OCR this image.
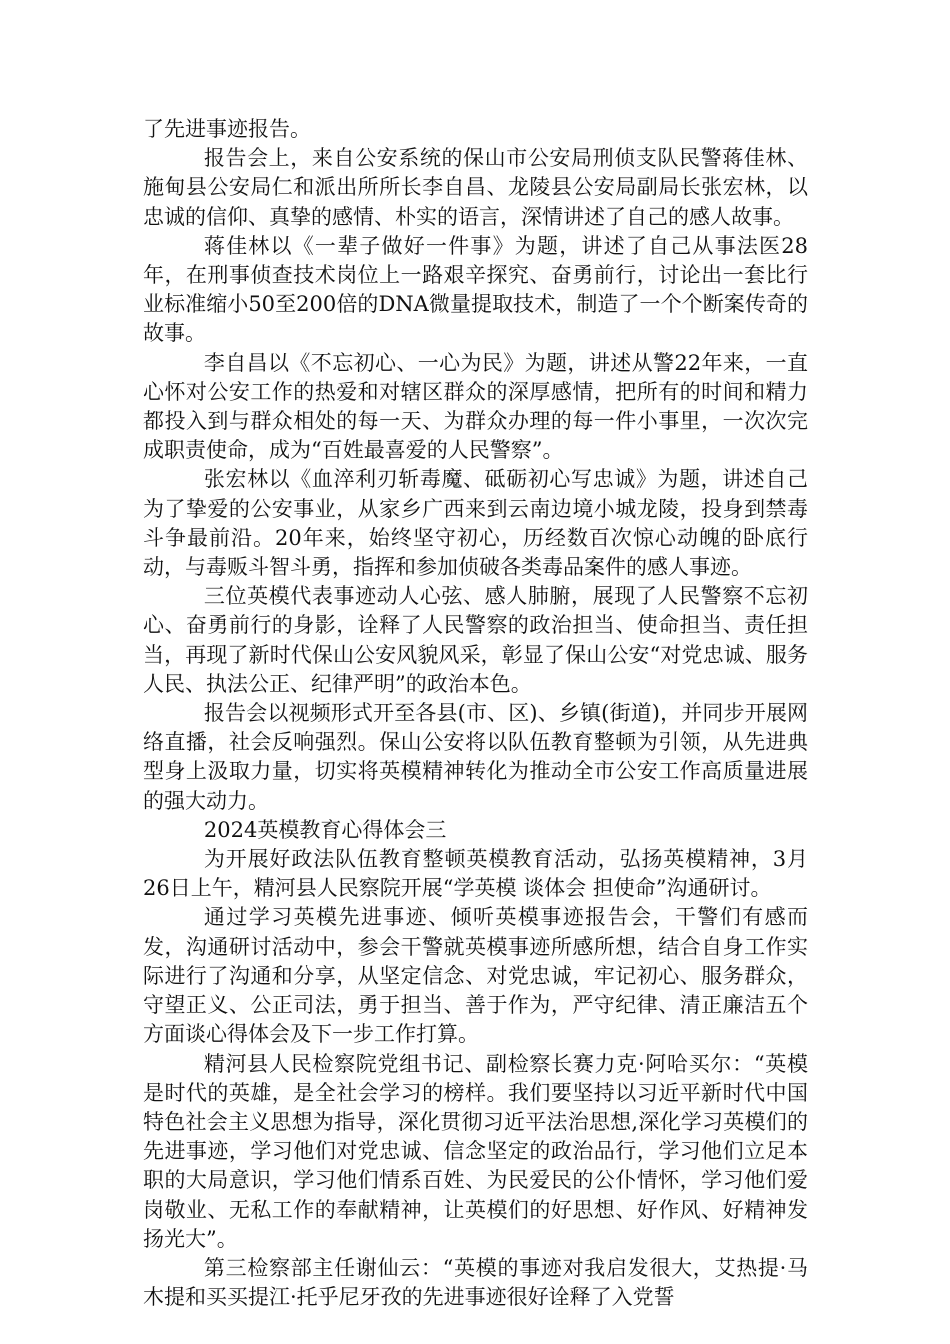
了先进事迹报告。

报告会上，来自公安系统的保山市公安局刑侦支队民警蒋佳林、施甸县公安局仁和派出所所长李自昌、龙陵县公安局副局长张宏林，以忠诚的信仰、真挚的感情、朴实的语言，深情讲述了自己的感人故事。

蒋佳林以《一辈子做好一件事》为题，讲述了自己从事法医28年，在刑事侦查技术岗位上一路艰辛探究、奋勇前行，讨论出一套比行业标准缩小50至200倍的DNA微量提取技术，制造了一个个断案传奇的故事。

李自昌以《不忘初心、一心为民》为题，讲述从警22年来，一直心怀对公安工作的热爱和对辖区群众的深厚感情，把所有的时间和精力都投入到与群众相处的每一天、为群众办理的每一件小事里，一次次完成职责使命，成为“百姓最喜爱的人民警察”。

张宏林以《血淬利刃斩毒魔、砥砺初心写忠诚》为题，讲述自己为了挚爱的公安事业，从家乡广西来到云南边境小城龙陵，投身到禁毒斗争最前沿。20年来，始终坚守初心，历经数百次惊心动魄的卧底行动，与毒贩斗智斗勇，指挥和参加侦破各类毒品案件的感人事迹。

三位英模代表事迹动人心弦、感人肺腑，展现了人民警察不忘初心、奋勇前行的身影，诠释了人民警察的政治担当、使命担当、责任担当，再现了新时代保山公安风貌风采，彰显了保山公安“对党忠诚、服务人民、执法公正、纪律严明”的政治本色。

报告会以视频形式开至各县(市、区)、乡镇(街道)，并同步开展网络直播，社会反响强烈。保山公安将以队伍教育整顿为引领，从先进典型身上汲取力量，切实将英模精神转化为推动全市公安工作高质量进展的强大动力。

2024英模教育心得体会三

为开展好政法队伍教育整顿英模教育活动，弘扬英模精神，3月26日上午，精河县人民察院开展“学英模 谈体会 担使命”沟通研讨。

通过学习英模先进事迹、倾听英模事迹报告会，干警们有感而发，沟通研讨活动中，参会干警就英模事迹所感所想，结合自身工作实际进行了沟通和分享，从坚定信念、对党忠诚，牢记初心、服务群众，守望正义、公正司法，勇于担当、善于作为，严守纪律、清正廉洁五个方面谈心得体会及下一步工作打算。

精河县人民检察院党组书记、副检察长赛力克·阿哈买尔：“英模是时代的英雄，是全社会学习的榜样。我们要坚持以习近平新时代中国特色社会主义思想为指导，深化贯彻习近平法治思想,深化学习英模们的先进事迹，学习他们对党忠诚、信念坚定的政治品行，学习他们立足本职的大局意识，学习他们情系百姓、为民爱民的公仆情怀，学习他们爱岗敬业、无私工作的奉献精神，让英模们的好思想、好作风、好精神发扬光大”。

第三检察部主任谢仙云：“英模的事迹对我启发很大，艾热提·马木提和买买提江·托乎尼牙孜的先进事迹很好诠释了入党誓
